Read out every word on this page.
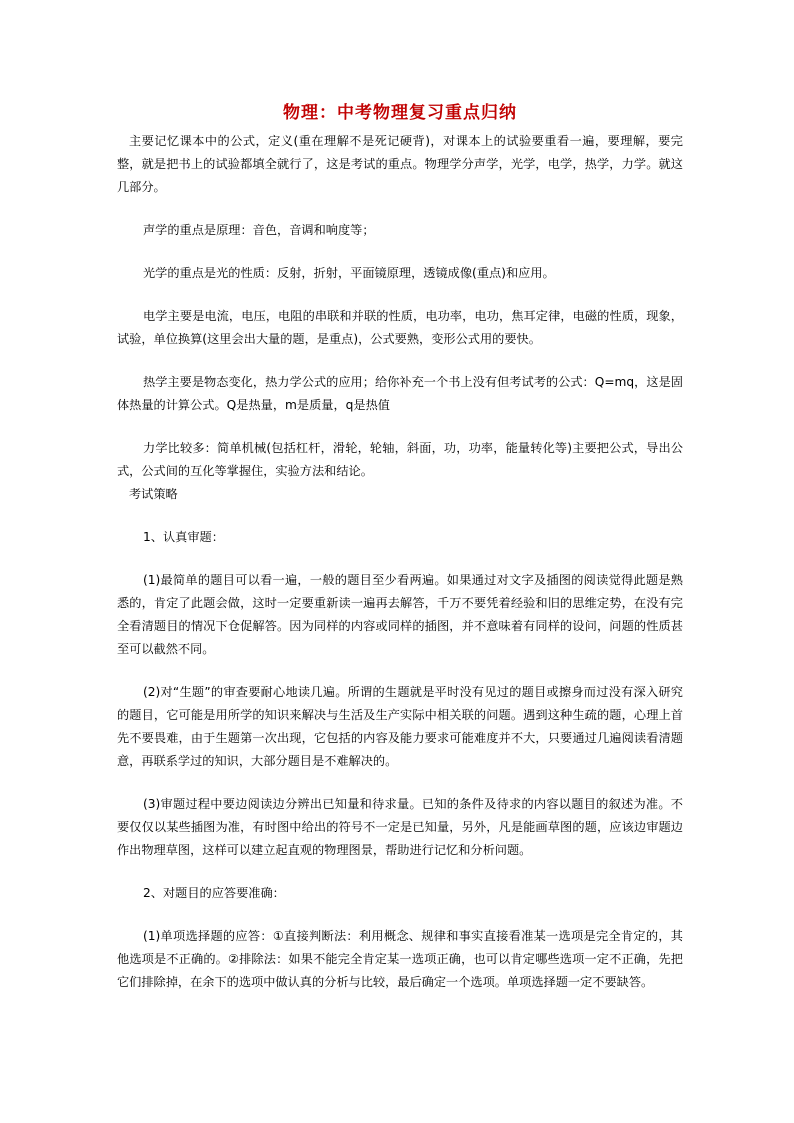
物理：中考物理复习重点归纳

主要记忆课本中的公式，定义(重在理解不是死记硬背)，对课本上的试验要重看一遍，要理解，要完整，就是把书上的试验都填全就行了，这是考试的重点。物理学分声学，光学，电学，热学，力学。就这几部分。

声学的重点是原理：音色，音调和响度等；

光学的重点是光的性质：反射，折射，平面镜原理，透镜成像(重点)和应用。

电学主要是电流，电压，电阻的串联和并联的性质，电功率，电功，焦耳定律，电磁的性质，现象，试验，单位换算(这里会出大量的题，是重点)，公式要熟，变形公式用的要快。

热学主要是物态变化，热力学公式的应用；给你补充一个书上没有但考试考的公式：Q=mq，这是固体热量的计算公式。Q是热量，m是质量，q是热值

力学比较多：简单机械(包括杠杆，滑轮，轮轴，斜面，功，功率，能量转化等)主要把公式，导出公式，公式间的互化等掌握住，实验方法和结论。

考试策略

1、认真审题：

(1)最简单的题目可以看一遍，一般的题目至少看两遍。如果通过对文字及插图的阅读觉得此题是熟悉的，肯定了此题会做，这时一定要重新读一遍再去解答，千万不要凭着经验和旧的思维定势，在没有完全看清题目的情况下仓促解答。因为同样的内容或同样的插图，并不意味着有同样的设问，问题的性质甚至可以截然不同。

(2)对“生题”的审查要耐心地读几遍。所谓的生题就是平时没有见过的题目或擦身而过没有深入研究的题目，它可能是用所学的知识来解决与生活及生产实际中相关联的问题。遇到这种生疏的题，心理上首先不要畏难，由于生题第一次出现，它包括的内容及能力要求可能难度并不大，只要通过几遍阅读看清题意，再联系学过的知识，大部分题目是不难解决的。

(3)审题过程中要边阅读边分辨出已知量和待求量。已知的条件及待求的内容以题目的叙述为准。不要仅仅以某些插图为准，有时图中给出的符号不一定是已知量，另外，凡是能画草图的题，应该边审题边作出物理草图，这样可以建立起直观的物理图景，帮助进行记忆和分析问题。

2、对题目的应答要准确：

(1)单项选择题的应答：①直接判断法：利用概念、规律和事实直接看准某一选项是完全肯定的，其他选项是不正确的。②排除法：如果不能完全肯定某一选项正确，也可以肯定哪些选项一定不正确，先把它们排除掉，在余下的选项中做认真的分析与比较，最后确定一个选项。单项选择题一定不要缺答。
